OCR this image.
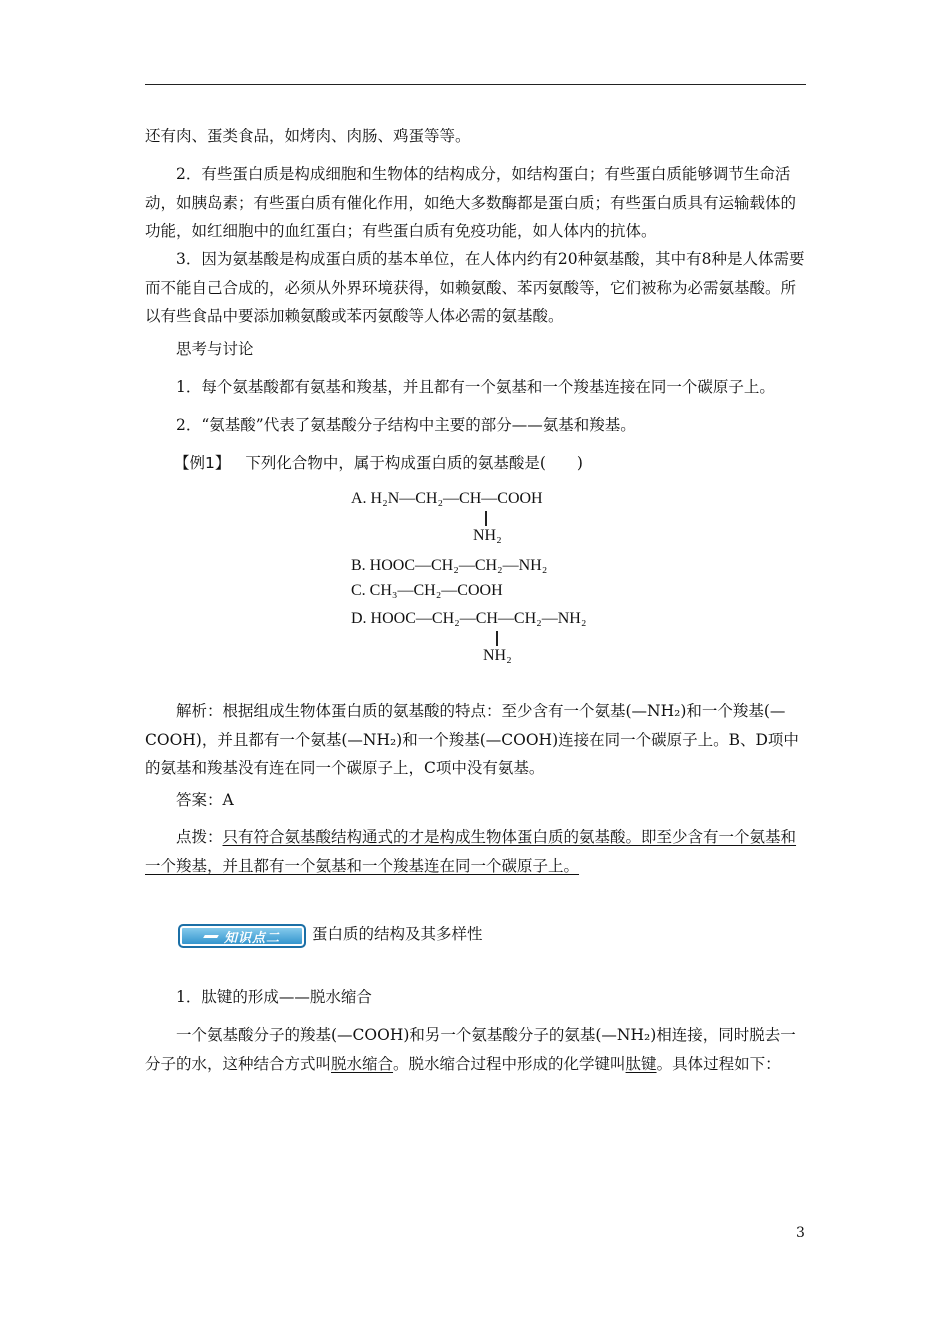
还有肉、蛋类食品，如烤肉、肉肠、鸡蛋等等。

2．有些蛋白质是构成细胞和生物体的结构成分，如结构蛋白；有些蛋白质能够调节生命活动，如胰岛素；有些蛋白质有催化作用，如绝大多数酶都是蛋白质；有些蛋白质具有运输载体的功能，如红细胞中的血红蛋白；有些蛋白质有免疫功能，如人体内的抗体。

3．因为氨基酸是构成蛋白质的基本单位，在人体内约有20种氨基酸，其中有8种是人体需要而不能自己合成的，必须从外界环境获得，如赖氨酸、苯丙氨酸等，它们被称为必需氨基酸。所以有些食品中要添加赖氨酸或苯丙氨酸等人体必需的氨基酸。

思考与讨论

1．每个氨基酸都有氨基和羧基，并且都有一个氨基和一个羧基连接在同一个碳原子上。

2．“氨基酸”代表了氨基酸分子结构中主要的部分——氨基和羧基。

【例1】 下列化合物中，属于构成蛋白质的氨基酸是(　　)

A. H₂N—CH₂—CH—COOH
NH₂
B. HOOC—CH₂—CH₂—NH₂
C. CH₃—CH₂—COOH
D. HOOC—CH₂—CH—CH₂—NH₂
NH₂

解析：根据组成生物体蛋白质的氨基酸的特点：至少含有一个氨基(—NH₂)和一个羧基(—COOH)，并且都有一个氨基(—NH₂)和一个羧基(—COOH)连接在同一个碳原子上。B、D项中的氨基和羧基没有连在同一个碳原子上，C项中没有氨基。

答案：A

点拨：只有符合氨基酸结构通式的才是构成生物体蛋白质的氨基酸。即至少含有一个氨基和一个羧基，并且都有一个氨基和一个羧基连在同一个碳原子上。

知识点二 蛋白质的结构及其多样性

1．肽键的形成——脱水缩合

一个氨基酸分子的羧基(—COOH)和另一个氨基酸分子的氨基(—NH₂)相连接，同时脱去一分子的水，这种结合方式叫脱水缩合。脱水缩合过程中形成的化学键叫肽键。具体过程如下：

3
